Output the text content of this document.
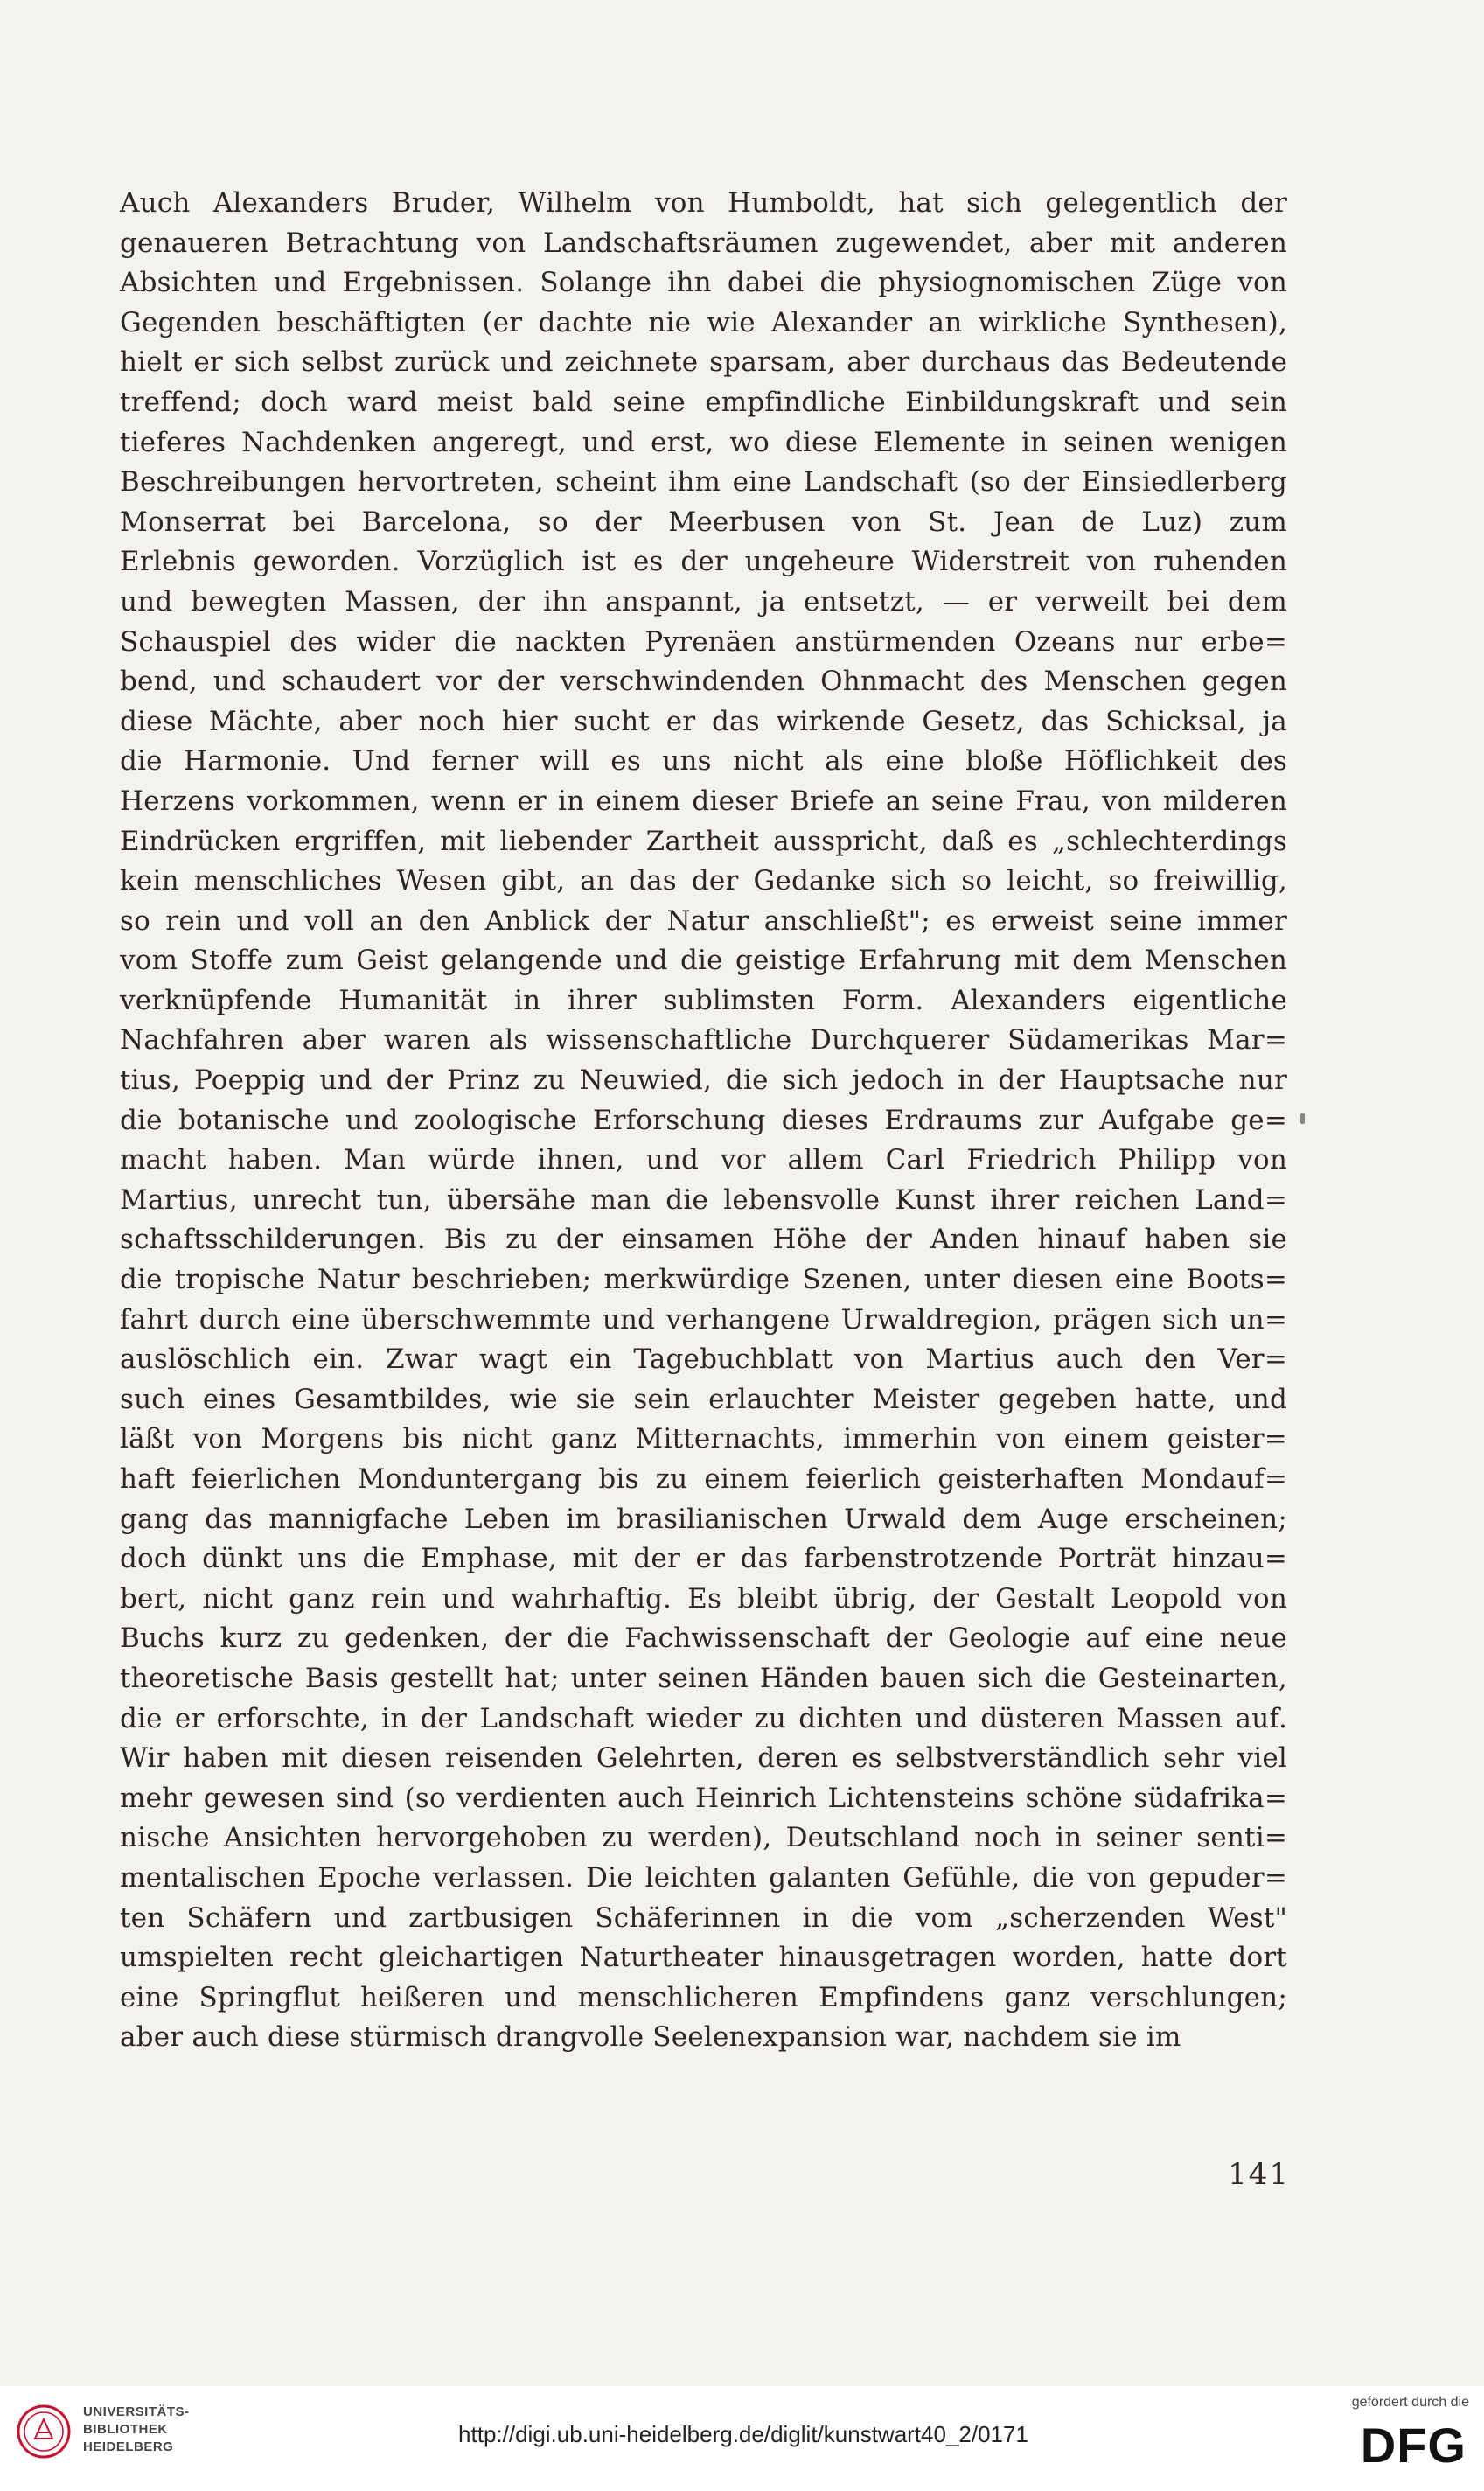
Auch Alexanders Bruder, Wilhelm von Humboldt, hat sich gelegentlich der
genaueren Betrachtung von Landschaftsräumen zugewendet, aber mit anderen
Absichten und Ergebnissen. Solange ihn dabei die physiognomischen Züge von
Gegenden beschäftigten (er dachte nie wie Alexander an wirkliche Synthesen),
hielt er sich selbst zurück und zeichnete sparsam, aber durchaus das Bedeutende
treffend; doch ward meist bald seine empfindliche Einbildungskraft und sein
tieferes Nachdenken angeregt, und erst, wo diese Elemente in seinen wenigen
Beschreibungen hervortreten, scheint ihm eine Landschaft (so der Einsiedlerberg
Monserrat bei Barcelona, so der Meerbusen von St. Jean de Luz) zum
Erlebnis geworden. Vorzüglich ist es der ungeheure Widerstreit von ruhenden
und bewegten Massen, der ihn anspannt, ja entsetzt, — er verweilt bei dem
Schauspiel des wider die nackten Pyrenäen anstürmenden Ozeans nur erbe=
bend, und schaudert vor der verschwindenden Ohnmacht des Menschen gegen
diese Mächte, aber noch hier sucht er das wirkende Gesetz, das Schicksal, ja
die Harmonie. Und ferner will es uns nicht als eine bloße Höflichkeit des
Herzens vorkommen, wenn er in einem dieser Briefe an seine Frau, von milderen
Eindrücken ergriffen, mit liebender Zartheit ausspricht, daß es „schlechterdings
kein menschliches Wesen gibt, an das der Gedanke sich so leicht, so freiwillig,
so rein und voll an den Anblick der Natur anschließt"; es erweist seine immer
vom Stoffe zum Geist gelangende und die geistige Erfahrung mit dem Menschen
verknüpfende Humanität in ihrer sublimsten Form. Alexanders eigentliche
Nachfahren aber waren als wissenschaftliche Durchquerer Südamerikas Mar=
tius, Poeppig und der Prinz zu Neuwied, die sich jedoch in der Hauptsache nur
die botanische und zoologische Erforschung dieses Erdraums zur Aufgabe ge=
macht haben. Man würde ihnen, und vor allem Carl Friedrich Philipp von
Martius, unrecht tun, übersähe man die lebensvolle Kunst ihrer reichen Land=
schaftsschilderungen. Bis zu der einsamen Höhe der Anden hinauf haben sie
die tropische Natur beschrieben; merkwürdige Szenen, unter diesen eine Boots=
fahrt durch eine überschwemmte und verhangene Urwaldregion, prägen sich un=
auslöschlich ein. Zwar wagt ein Tagebuchblatt von Martius auch den Ver=
such eines Gesamtbildes, wie sie sein erlauchter Meister gegeben hatte, und
läßt von Morgens bis nicht ganz Mitternachts, immerhin von einem geister=
haft feierlichen Monduntergang bis zu einem feierlich geisterhaften Mondauf=
gang das mannigfache Leben im brasilianischen Urwald dem Auge erscheinen;
doch dünkt uns die Emphase, mit der er das farbenstrotzende Porträt hinzau=
bert, nicht ganz rein und wahrhaftig. Es bleibt übrig, der Gestalt Leopold von
Buchs kurz zu gedenken, der die Fachwissenschaft der Geologie auf eine neue
theoretische Basis gestellt hat; unter seinen Händen bauen sich die Gesteinarten,
die er erforschte, in der Landschaft wieder zu dichten und düsteren Massen auf.
Wir haben mit diesen reisenden Gelehrten, deren es selbstverständlich sehr viel
mehr gewesen sind (so verdienten auch Heinrich Lichtensteins schöne südafrika=
nische Ansichten hervorgehoben zu werden), Deutschland noch in seiner senti=
mentalischen Epoche verlassen. Die leichten galanten Gefühle, die von gepuder=
ten Schäfern und zartbusigen Schäferinnen in die vom „scherzenden West"
umspielten recht gleichartigen Naturtheater hinausgetragen worden, hatte dort
eine Springflut heißeren und menschlicheren Empfindens ganz verschlungen;
aber auch diese stürmisch drangvolle Seelenexpansion war, nachdem sie im
141
UNIVERSITÄTS-
BIBLIOTHEK
HEIDELBERG	http://digi.ub.uni-heidelberg.de/diglit/kunstwart40_2/0171
gefördert durch die
DFG
